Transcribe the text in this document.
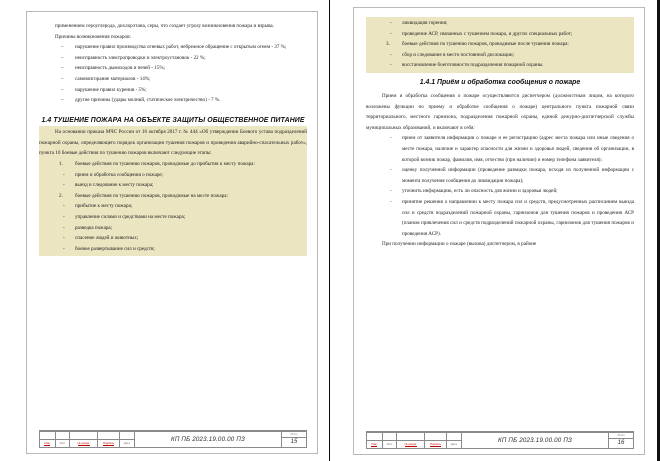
применением сероуглерода, дихлорэтана, серы, что создает угрозу возникновения пожара и взрыва.

Причины возникновения пожаров:

– нарушение правил производства огневых работ, небрежное обращение с открытым огнем - 37 %;
– неисправность электропроводки и электроустановок - 22 %;
– неисправность дымоходов и печей - 15%;
– самовозгорание материалов - 14%;
– нарушение правил курения - 5%;
– другие причины (удары молний, статическое электричество) - 7 %.
1.4 ТУШЕНИЕ ПОЖАРА НА ОБЪЕКТЕ ЗАЩИТЫ ОБЩЕСТВЕННОЕ ПИТАНИЕ

На основании приказа МЧС России от 16 октября 2017 г. № 444 «Об утверждении Боевого устава подразделений пожарной охраны, определяющего порядок организации тушения пожаров и проведения аварийно-спасательных работ», пункта 10 боевые действия по тушению пожаров включают следующие этапы:

1. боевые действия по тушению пожаров, проводимые до прибытия к месту пожара:
- прием и обработка сообщения о пожаре;
- выезд и следование к месту пожара;
2. боевые действия по тушению пожаров, проводимые на месте пожара:
- прибытие к месту пожара;
- управление силами и средствами на месте пожара;
- разведка пожара;
- спасение людей и животных;
- боевое развертывание сил и средств;
Изм.	Лист	№ докум.	Подпись	Дата
КП ПБ 2023.19.00.00 ПЗ
Лист
15
- ликвидация горения;
- проведение АСР, связанных с тушением пожара, и других специальных работ;
3. боевые действия по тушению пожаров, проводимые после тушения пожара:
- сбор и следование в место постоянной дислокации;
- восстановление боеготовности подразделения пожарной охраны.
1.4.1 Приём и обработка сообщения о пожаре

Прием и обработка сообщения о пожаре осуществляются диспетчером (должностным лицом, на которого возложены функции по приему и обработке сообщения о пожаре) центрального пункта пожарной связи территориального, местного гарнизона, подразделения пожарной охраны, единой дежурно-диспетчерской службы муниципальных образований, и включают в себя:

- прием от заявителя информации о пожаре и ее регистрацию (адрес места пожара или иные сведения о месте пожара, наличие и характер опасности для жизни и здоровья людей, сведения об организации, в которой возник пожар, фамилия, имя, отчество (при наличии) и номер телефона заявителя);
- оценку полученной информации (проведение разведки пожара, исходя из полученной информации с момента получения сообщения до ликвидации пожара);
- уточнить информацию, есть ли опасность для жизни и здоровья людей;
- принятие решения о направлении к месту пожара сил и средств, предусмотренных расписанием выезда сил и средств подразделений пожарной охраны, гарнизонов для тушения пожаров и проведения АСР (планом привлечения сил и средств подразделений пожарной охраны, гарнизонов для тушения пожаров и проведения АСР).

При получении информации о пожаре (вызова) диспетчером, в районе

Изм.	Лист	№ докум.	Подпись	Дата
КП ПБ 2023.19.00.00 ПЗ
Лист
16
